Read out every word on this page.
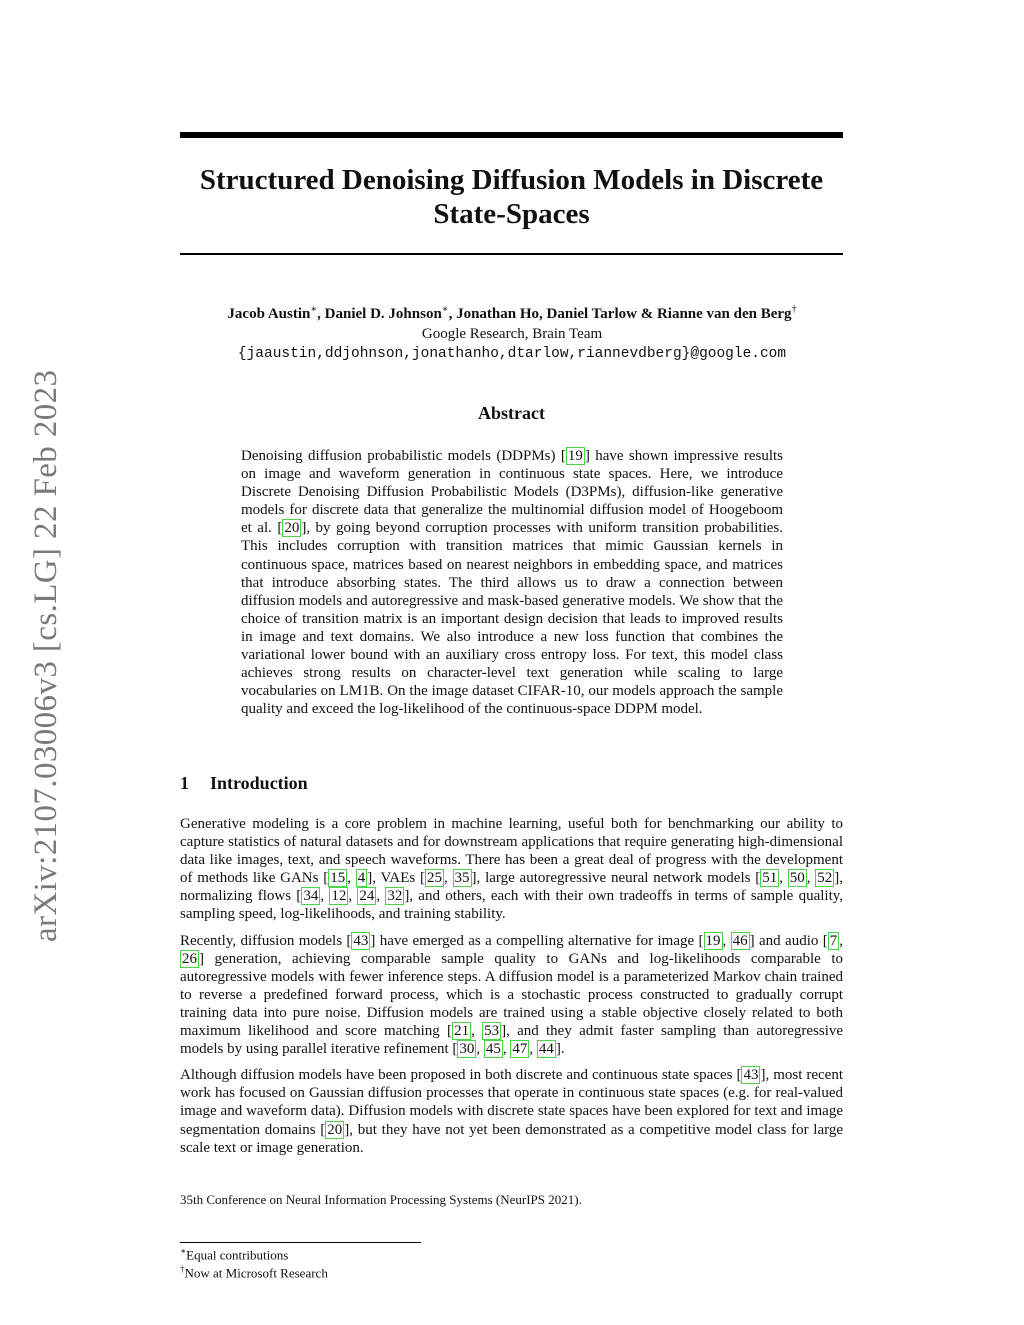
arXiv:2107.03006v3 [cs.LG] 22 Feb 2023
Structured Denoising Diffusion Models in Discrete
State-Spaces
Jacob Austin∗, Daniel D. Johnson∗, Jonathan Ho, Daniel Tarlow & Rianne van den Berg†
Google Research, Brain Team
{jaaustin,ddjohnson,jonathanho,dtarlow,riannevdberg}@google.com
Abstract
Denoising diffusion probabilistic models (DDPMs) [ 19 ] have shown impressive results on image and waveform generation in continuous state spaces. Here, we introduce Discrete Denoising Diffusion Probabilistic Models (D3PMs), diffusion-like generative models for discrete data that generalize the multinomial diffusion model of Hoogeboom et al. [ 20 ], by going beyond corruption processes with uniform transition probabilities. This includes corruption with transition matrices that mimic Gaussian kernels in continuous space, matrices based on nearest neighbors in embedding space, and matrices that introduce absorbing states. The third allows us to draw a connection between diffusion models and autoregressive and mask-based generative models. We show that the choice of transition matrix is an important design decision that leads to improved results in image and text domains. We also introduce a new loss function that combines the variational lower bound with an auxiliary cross entropy loss. For text, this model class achieves strong results on character-level text generation while scaling to large vocabularies on LM1B. On the image dataset CIFAR-10, our models approach the sample quality and exceed the log-likelihood of the continuous-space DDPM model.
1 Introduction

Generative modeling is a core problem in machine learning, useful both for benchmarking our ability to capture statistics of natural datasets and for downstream applications that require generating high-dimensional data like images, text, and speech waveforms. There has been a great deal of progress with the development of methods like GANs [ 15 , 4 ], VAEs [ 25 , 35 ], large autoregressive neural network models [ 51 , 50 , 52 ], normalizing flows [ 34 , 12 , 24 , 32 ], and others, each with their own tradeoffs in terms of sample quality, sampling speed, log-likelihoods, and training stability.

Recently, diffusion models [ 43 ] have emerged as a compelling alternative for image [ 19 , 46 ] and audio [ 7 , 26 ] generation, achieving comparable sample quality to GANs and log-likelihoods comparable to autoregressive models with fewer inference steps. A diffusion model is a parameterized Markov chain trained to reverse a predefined forward process, which is a stochastic process constructed to gradually corrupt training data into pure noise. Diffusion models are trained using a stable objective closely related to both maximum likelihood and score matching [ 21 , 53 ], and they admit faster sampling than autoregressive models by using parallel iterative refinement [ 30 , 45 , 47 , 44 ].

Although diffusion models have been proposed in both discrete and continuous state spaces [ 43 ], most recent work has focused on Gaussian diffusion processes that operate in continuous state spaces (e.g. for real-valued image and waveform data). Diffusion models with discrete state spaces have been explored for text and image segmentation domains [ 20 ], but they have not yet been demonstrated as a competitive model class for large scale text or image generation.

35th Conference on Neural Information Processing Systems (NeurIPS 2021).
∗Equal contributions
†Now at Microsoft Research
